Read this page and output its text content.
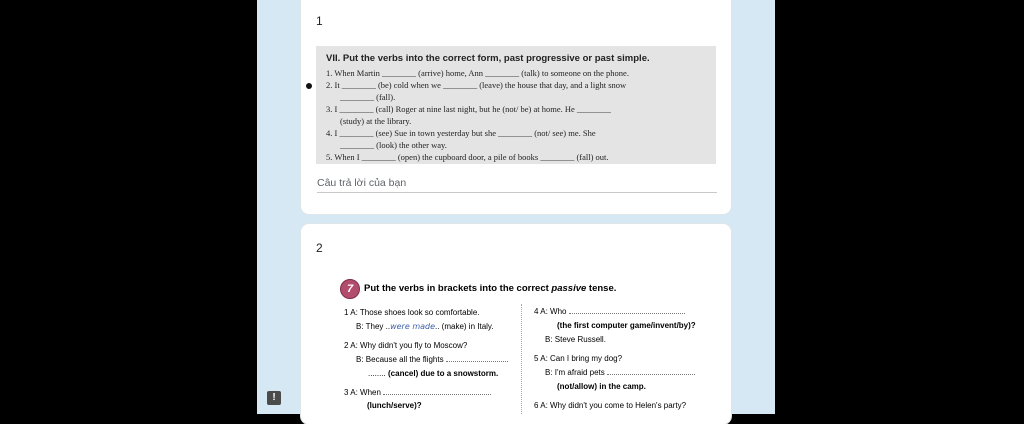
1
VII. Put the verbs into the correct form, past progressive or past simple.
1. When Martin ________ (arrive) home, Ann ________ (talk) to someone on the phone.
2. It ________ (be) cold when we ________ (leave) the house that day, and a light snow
________ (fall).
3. I ________ (call) Roger at nine last night, but he (not/ be) at home. He ________
(study) at the library.
4. I ________ (see) Sue in town yesterday but she ________ (not/ see) me. She
________ (look) the other way.
5. When I ________ (open) the cupboard door, a pile of books ________ (fall) out.
Câu trả lời của bạn
2
7	Put the verbs in brackets into the correct passive tense.
1 A: Those shoes look so comfortable.
B: They ..were made.. (make) in Italy.
2 A: Why didn't you fly to Moscow?
B: Because all the flights
........ (cancel) due to a snowstorm.
3 A: When
(lunch/serve)?
4 A: Who
(the first computer game/invent/by)?
B: Steve Russell.
5 A: Can I bring my dog?
B: I'm afraid pets
(not/allow) in the camp.
6 A: Why didn't you come to Helen's party?
!
